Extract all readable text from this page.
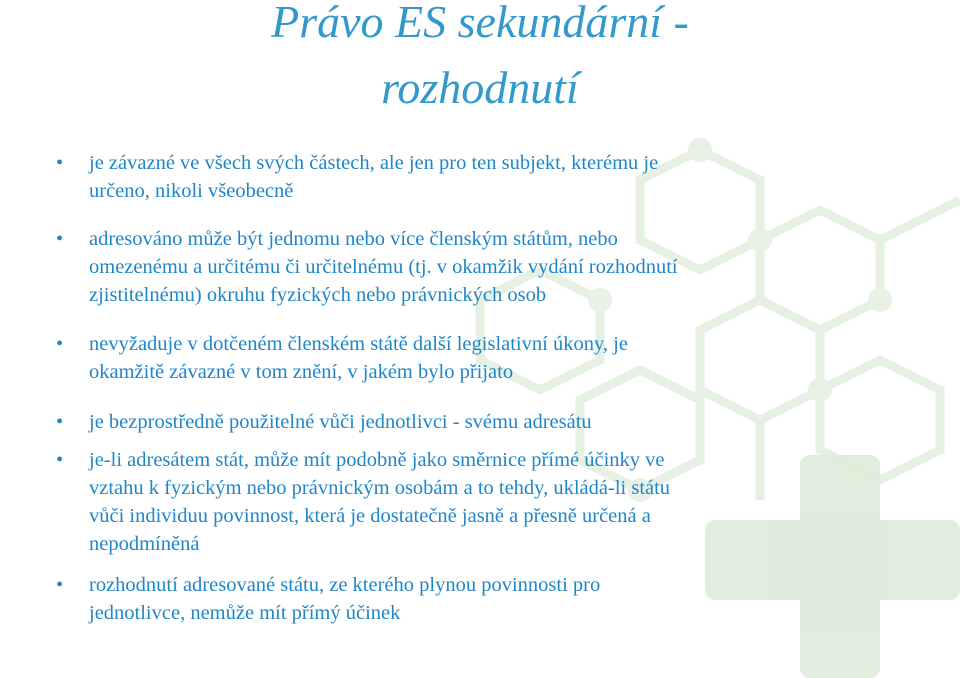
Právo ES sekundární -
rozhodnutí
• je závazné ve všech svých částech, ale jen pro ten subjekt, kterému je
určeno, nikoli všeobecně
• adresováno může být jednomu nebo více členským státům, nebo
omezenému a určitému či určitelnému (tj. v okamžik vydání rozhodnutí
zjistitelnému) okruhu fyzických nebo právnických osob
• nevyžaduje v dotčeném členském státě další legislativní úkony, je
okamžitě závazné v tom znění, v jakém bylo přijato
• je bezprostředně použitelné vůči jednotlivci - svému adresátu
• je-li adresátem stát, může mít podobně jako směrnice přímé účinky ve
vztahu k fyzickým nebo právnickým osobám a to tehdy, ukládá-li státu
vůči individuu povinnost, která je dostatečně jasně a přesně určená a
nepodmíněná
• rozhodnutí adresované státu, ze kterého plynou povinnosti pro
jednotlivce, nemůže mít přímý účinek
